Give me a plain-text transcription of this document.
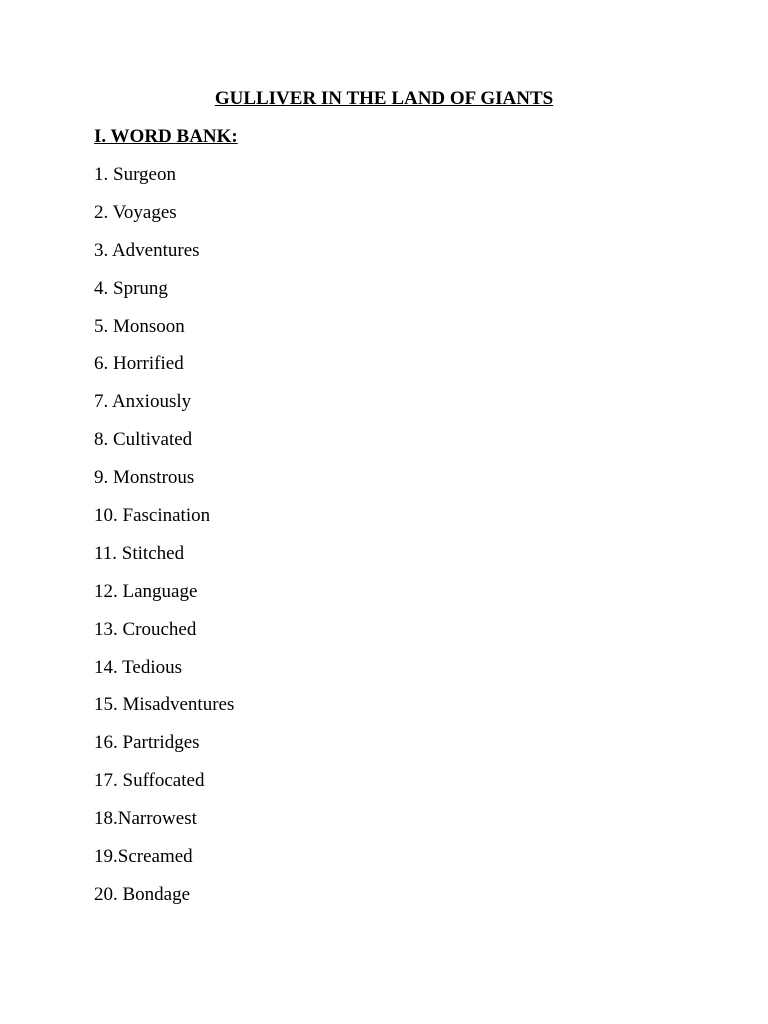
GULLIVER IN THE LAND OF GIANTS
I. WORD BANK:
1. Surgeon
2. Voyages
3. Adventures
4. Sprung
5. Monsoon
6. Horrified
7. Anxiously
8. Cultivated
9. Monstrous
10. Fascination
11. Stitched
12. Language
13. Crouched
14. Tedious
15. Misadventures
16. Partridges
17. Suffocated
18.Narrowest
19.Screamed
20. Bondage
